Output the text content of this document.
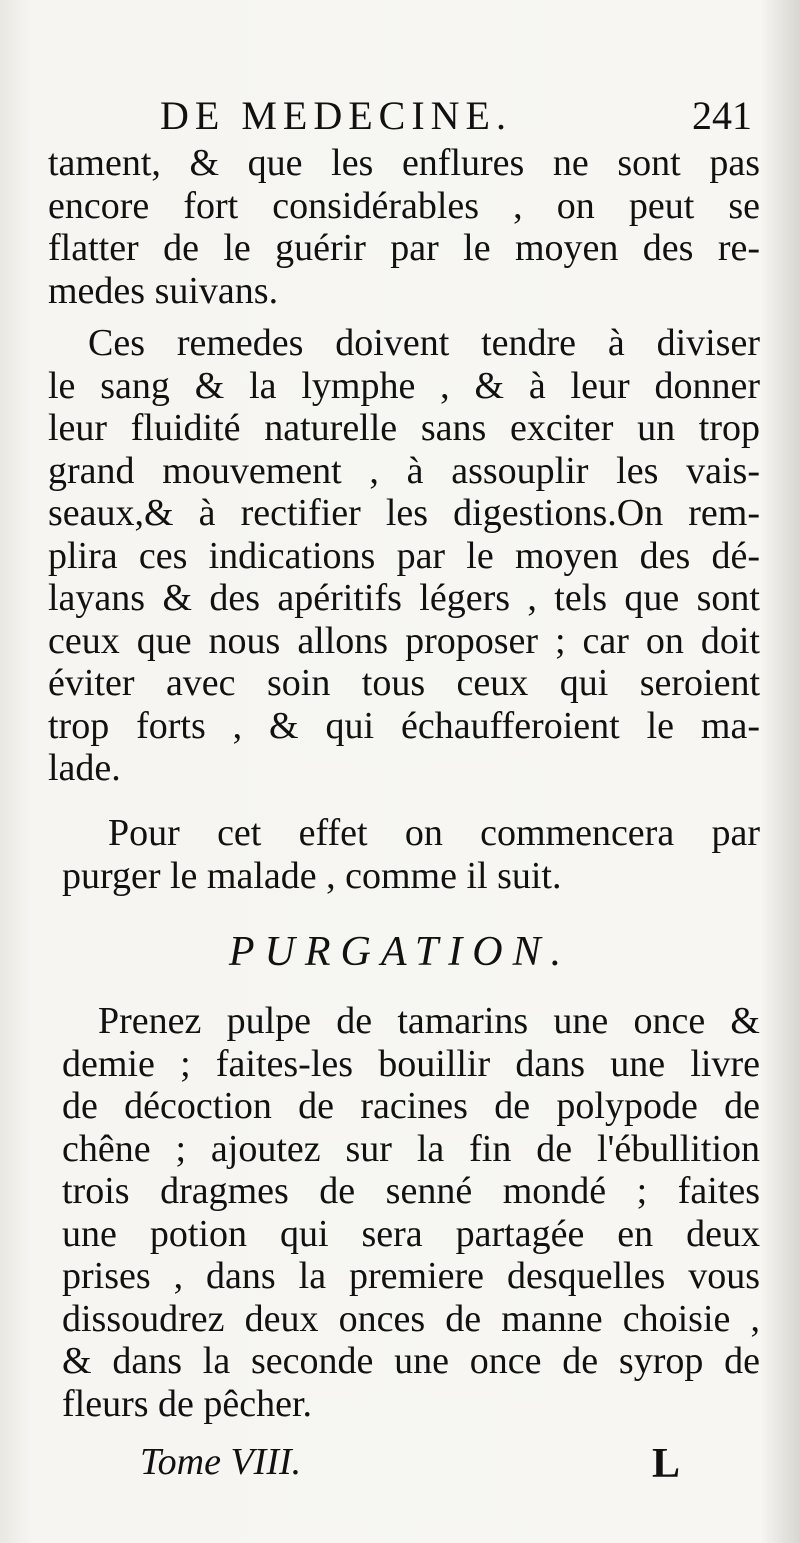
DE MEDECINE.	241

tament, & que les enflures ne sont pas
encore fort considérables , on peut se
flatter de le guérir par le moyen des re-
medes suivans.

Ces remedes doivent tendre à diviser
le sang & la lymphe , & à leur donner
leur fluidité naturelle sans exciter un trop
grand mouvement , à assouplir les vais-
seaux,& à rectifier les digestions.On rem-
plira ces indications par le moyen des dé-
layans & des apéritifs légers , tels que sont
ceux que nous allons proposer ; car on doit
éviter avec soin tous ceux qui seroient
trop forts , & qui échaufferoient le ma-
lade.

Pour cet effet on commencera par
purger le malade , comme il suit.

PURGATION.

Prenez pulpe de tamarins une once &
demie ; faites-les bouillir dans une livre
de décoction de racines de polypode de
chêne ; ajoutez sur la fin de l'ébullition
trois dragmes de senné mondé ; faites
une potion qui sera partagée en deux
prises , dans la premiere desquelles vous
dissoudrez deux onces de manne choisie ,
& dans la seconde une once de syrop de
fleurs de pêcher.

Tome VIII.	L
